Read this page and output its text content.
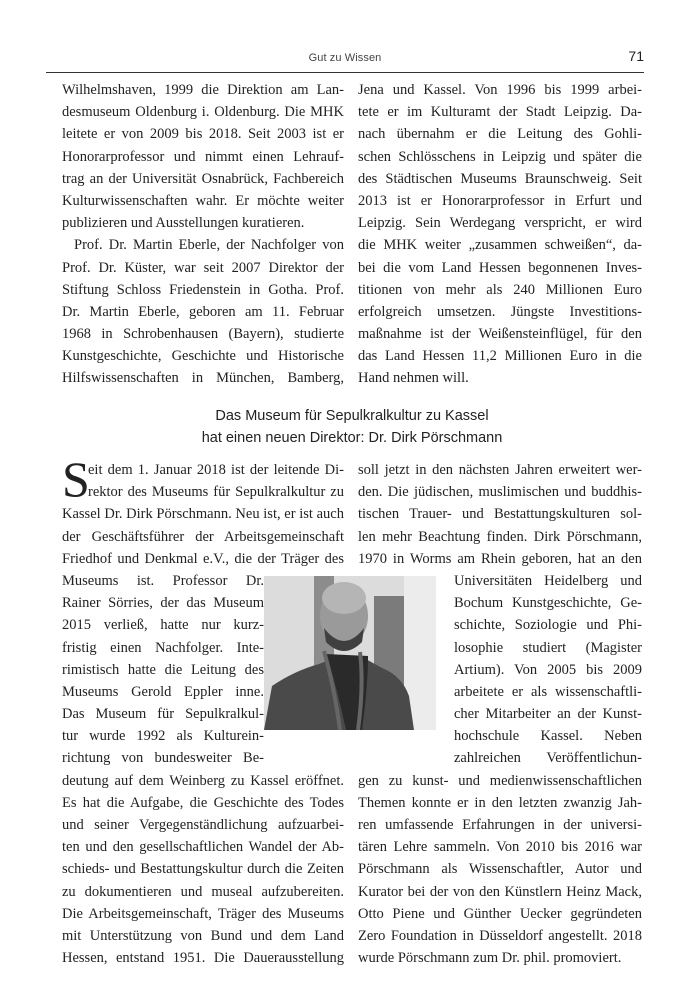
Gut zu Wissen	71
Wilhelmshaven, 1999 die Direktion am Lan-
desmuseum Oldenburg i. Oldenburg. Die MHK
leitete er von 2009 bis 2018. Seit 2003 ist er
Honorarprofessor und nimmt einen Lehrauf-
trag an der Universität Osnabrück, Fachbereich
Kulturwissenschaften wahr. Er möchte weiter
publizieren und Ausstellungen kuratieren.
Prof. Dr. Martin Eberle, der Nachfolger von
Prof. Dr. Küster, war seit 2007 Direktor der
Stiftung Schloss Friedenstein in Gotha. Prof.
Dr. Martin Eberle, geboren am 11. Februar
1968 in Schrobenhausen (Bayern), studierte
Kunstgeschichte, Geschichte und Historische
Hilfswissenschaften in München, Bamberg,
Jena und Kassel. Von 1996 bis 1999 arbei-
tete er im Kulturamt der Stadt Leipzig. Da-
nach übernahm er die Leitung des Gohli-
schen Schlösschens in Leipzig und später die
des Städtischen Museums Braunschweig. Seit
2013 ist er Honorarprofessor in Erfurt und
Leipzig. Sein Werdegang verspricht, er wird
die MHK weiter „zusammen schweißen“, da-
bei die vom Land Hessen begonnenen Inves-
titionen von mehr als 240 Millionen Euro
erfolgreich umsetzen. Jüngste Investitions-
maßnahme ist der Weißensteinflügel, für den
das Land Hessen 11,2 Millionen Euro in die
Hand nehmen will.
Das Museum für Sepulkralkultur zu Kassel
hat einen neuen Direktor: Dr. Dirk Pörschmann
S
eit dem 1. Januar 2018 ist der leitende Di-
rektor des Museums für Sepulkralkultur zu
Kassel Dr. Dirk Pörschmann. Neu ist, er ist auch
der Geschäftsführer der Arbeitsgemeinschaft
Friedhof und Denkmal e.V., die der Träger des
Museums ist. Professor Dr.
Rainer Sörries, der das Museum
2015 verließ, hatte nur kurz-
fristig einen Nachfolger. Inte-
rimistisch hatte die Leitung des
Museums Gerold Eppler inne.
Das Museum für Sepulkralkul-
tur wurde 1992 als Kulturein-
richtung von bundesweiter Be-
deutung auf dem Weinberg zu Kassel eröffnet.
Es hat die Aufgabe, die Geschichte des Todes
und seiner Vergegenständlichung aufzuarbei-
ten und den gesellschaftlichen Wandel der Ab-
schieds- und Bestattungskultur durch die Zeiten
zu dokumentieren und museal aufzubereiten.
Die Arbeitsgemeinschaft, Träger des Museums
mit Unterstützung von Bund und dem Land
Hessen, entstand 1951. Die Dauerausstellung
soll jetzt in den nächsten Jahren erweitert wer-
den. Die jüdischen, muslimischen und buddhis-
tischen Trauer- und Bestattungskulturen sol-
len mehr Beachtung finden. Dirk Pörschmann,
1970 in Worms am Rhein geboren, hat an den
Universitäten Heidelberg und
Bochum Kunstgeschichte, Ge-
schichte, Soziologie und Phi-
losophie studiert (Magister
Artium). Von 2005 bis 2009
arbeitete er als wissenschaftli-
cher Mitarbeiter an der Kunst-
hochschule Kassel. Neben
zahlreichen Veröffentlichun-
gen zu kunst- und medienwissenschaftlichen
Themen konnte er in den letzten zwanzig Jah-
ren umfassende Erfahrungen in der universi-
tären Lehre sammeln. Von 2010 bis 2016 war
Pörschmann als Wissenschaftler, Autor und
Kurator bei der von den Künstlern Heinz Mack,
Otto Piene und Günther Uecker gegründeten
Zero Foundation in Düsseldorf angestellt. 2018
wurde Pörschmann zum Dr. phil. promoviert.
